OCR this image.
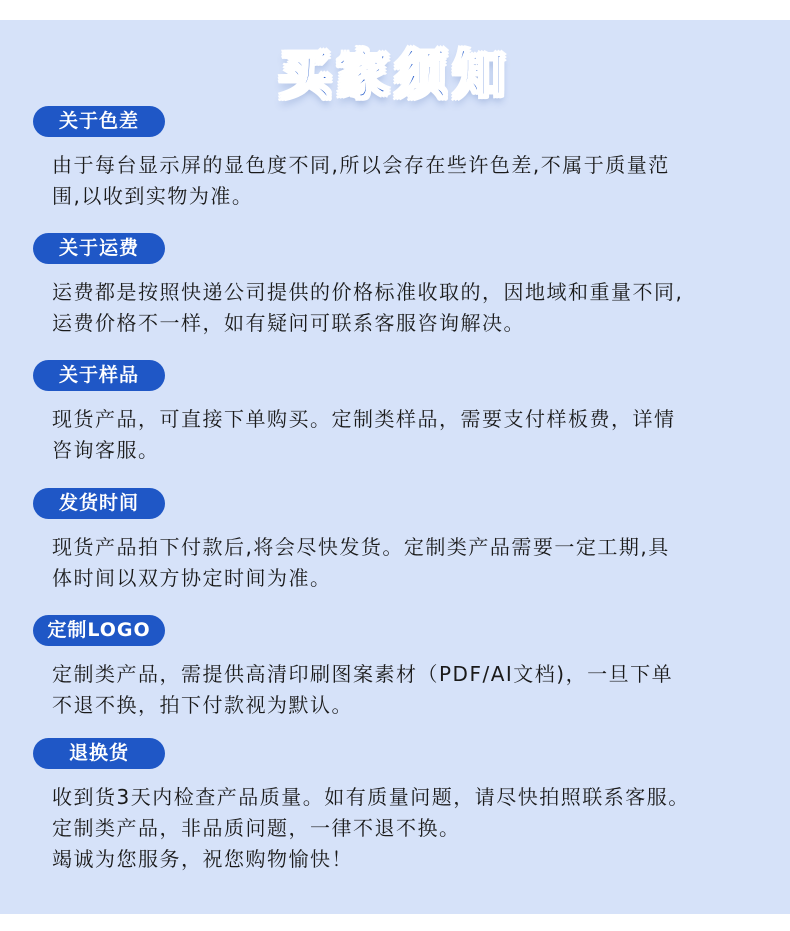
买家须知
关于色差
由于每台显示屏的显色度不同,所以会存在些许色差,不属于质量范
围,以收到实物为准。
关于运费
运费都是按照快递公司提供的价格标准收取的，因地域和重量不同,
运费价格不一样，如有疑问可联系客服咨询解决。
关于样品
现货产品，可直接下单购买。定制类样品，需要支付样板费，详情
咨询客服。
发货时间
现货产品拍下付款后,将会尽快发货。定制类产品需要一定工期,具
体时间以双方协定时间为准。
定制LOGO
定制类产品，需提供高清印刷图案素材（PDF/AI文档)，一旦下单
不退不换，拍下付款视为默认。
退换货
收到货3天内检查产品质量。如有质量问题，请尽快拍照联系客服。
定制类产品，非品质问题，一律不退不换。
竭诚为您服务，祝您购物愉快！
